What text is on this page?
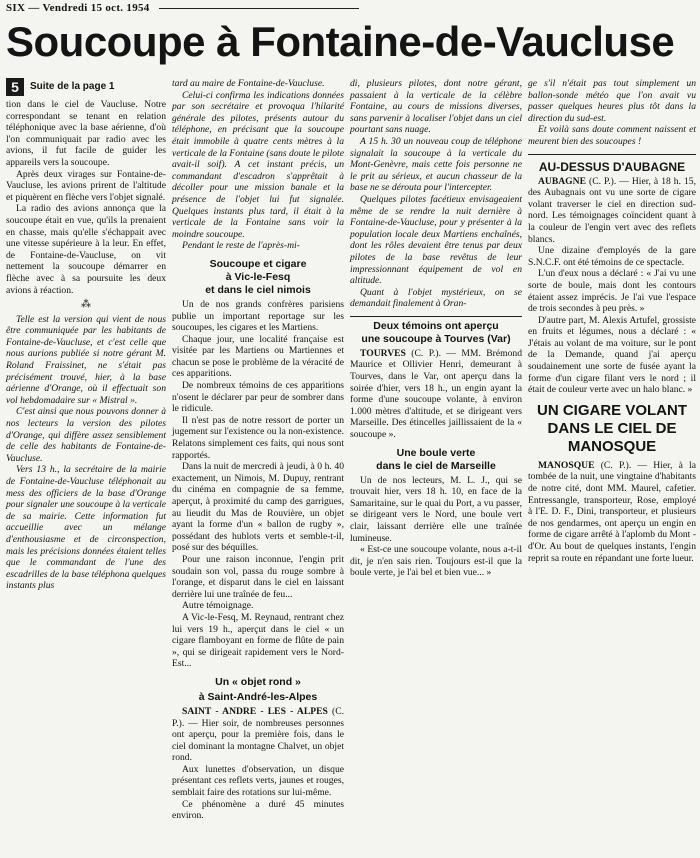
SIX — Vendredi 15 oct. 1954
Soucoupe à Fontaine-de-Vaucluse
5 Suite de la page 1

tion dans le ciel de Vaucluse. Notre correspondant se tenant en relation téléphonique avec la base aérienne, d'où l'on communiquait par radio avec les avions, il fut facile de guider les appareils vers la soucoupe.

Après deux virages sur Fontaine-de-Vaucluse, les avions prirent de l'altitude et piquèrent en flèche vers l'objet signalé.

La radio des avions annonça que la soucoupe était en vue, qu'ils la prenaient en chasse, mais qu'elle s'échappait avec une vitesse supérieure à la leur. En effet, de Fontaine-de-Vaucluse, on vit nettement la soucoupe démarrer en flèche avec à sa poursuite les deux avions à réaction.

⁂

Telle est la version qui vient de nous être communiquée par les habitants de Fontaine-de-Vaucluse, et c'est celle que nous aurions publiée si notre gérant M. Roland Fraissinet, ne s'était pas précisément trouvé, hier, à la base aérienne d'Orange, où il effectuait son vol hebdomadaire sur « Mistral ».

C'est ainsi que nous pouvons donner à nos lecteurs la version des pilotes d'Orange, qui diffère assez sensiblement de celle des habitants de Fontaine-de-Vaucluse.

Vers 13 h., la secrétaire de la mairie de Fontaine-de-Vaucluse téléphonait au mess des officiers de la base d'Orange pour signaler une soucoupe à la verticale de sa mairie. Cette information fut accueillie avec un mélange d'enthousiasme et de circonspection, mais les précisions données étaient telles que le commandant de l'une des escadrilles de la base téléphona quelques instants plus

tard au maire de Fontaine-de-Vaucluse.

Celui-ci confirma les indications données par son secrétaire et provoqua l'hilarité générale des pilotes, présents autour du téléphone, en précisant que la soucoupe était immobile à quatre cents mètres à la verticale de la Fontaine (sans doute le pilote avait-il soif). A cet instant précis, un commandant d'escadron s'apprêtait à décoller pour une mission banale et la présence de l'objet lui fut signalée. Quelques instants plus tard, il était à la verticale de la Fontaine sans voir la moindre soucoupe.

Pendant le reste de l'après-mi-

Soucoupe et cigare
à Vic-le-Fesq
et dans le ciel nimois

Un de nos grands confrères parisiens publie un important reportage sur les soucoupes, les cigares et les Martiens.

Chaque jour, une localité française est visitée par les Martiens ou Martiennes et chacun se pose le problème de la véracité de ces apparitions.

De nombreux témoins de ces apparitions n'osent le déclarer par peur de sombrer dans le ridicule.

Il n'est pas de notre ressort de porter un jugement sur l'existence ou la non-existence. Relatons simplement ces faits, qui nous sont rapportés.

Dans la nuit de mercredi à jeudi, à 0 h. 40 exactement, un Nimois, M. Dupuy, rentrant du cinéma en compagnie de sa femme, aperçut, à proximité du camp des garrigues, au lieudit du Mas de Rouvière, un objet ayant la forme d'un « ballon de rugby », possédant des hublots verts et semble-t-il, posé sur des béquilles.

Pour une raison inconnue, l'engin prit soudain son vol, passa du rouge sombre à l'orange, et disparut dans le ciel en laissant derrière lui une traînée de feu...

Autre témoignage.

A Vic-le-Fesq, M. Reynaud, rentrant chez lui vers 19 h., aperçut dans le ciel « un cigare flamboyant en forme de flûte de pain », qui se dirigeait rapidement vers le Nord-Est...

Un « objet rond »
à Saint-André-les-Alpes

SAINT - ANDRE - LES - ALPES (C. P.). — Hier soir, de nombreuses personnes ont aperçu, pour la première fois, dans le ciel dominant la montagne Chalvet, un objet rond.

Aux lunettes d'observation, un disque présentant ces reflets verts, jaunes et rouges, semblait faire des rotations sur lui-même.

Ce phénomène a duré 45 minutes environ.

di, plusieurs pilotes, dont notre gérant, passaient à la verticale de la célèbre Fontaine, au cours de missions diverses, sans parvenir à localiser l'objet dans un ciel pourtant sans nuage.

A 15 h. 30 un nouveau coup de téléphone signalait la soucoupe à la verticale du Mont-Genèvre, mais cette fois personne ne le prit au sérieux, et aucun chasseur de la base ne se dérouta pour l'intercepter.

Quelques pilotes facétieux envisageaient même de se rendre la nuit dernière à Fontaine-de-Vaucluse, pour y présenter à la population locale deux Martiens enchaînés, dont les rôles devaient être tenus par deux pilotes de la base revêtus de leur impressionnant équipement de vol en altitude.

Quant à l'objet mystérieux, on se demandait finalement à Oran-

Deux témoins ont aperçu
une soucoupe à Tourves (Var)

TOURVES (C. P.). — MM. Brémond Maurice et Ollivier Henri, demeurant à Tourves, dans le Var, ont aperçu dans la soirée d'hier, vers 18 h., un engin ayant la forme d'une soucoupe volante, à environ 1.000 mètres d'altitude, et se dirigeant vers Marseille. Des étincelles jaillissaient de la « soucoupe ».

Une boule verte
dans le ciel de Marseille

Un de nos lecteurs, M. L. J., qui se trouvait hier, vers 18 h. 10, en face de la Samaritaine, sur le quai du Port, a vu passer, se dirigeant vers le Nord, une boule vert clair, laissant derrière elle une traînée lumineuse.

« Est-ce une soucoupe volante, nous a-t-il dit, je n'en sais rien. Toujours est-il que la boule verte, je l'ai bel et bien vue... »

ge s'il n'était pas tout simplement un ballon-sonde météo que l'on avait vu passer quelques heures plus tôt dans la direction du sud-est.

Et voilà sans doute comment naissent et meurent bien des soucoupes !

AU-DESSUS D'AUBAGNE

AUBAGNE (C. P.). — Hier, à 18 h. 15, des Aubagnais ont vu une sorte de cigare volant traverser le ciel en direction sud-nord. Les témoignages coïncident quant à la couleur de l'engin vert avec des reflets blancs.

Une dizaine d'employés de la gare S.N.C.F. ont été témoins de ce spectacle.

L'un d'eux nous a déclaré : « J'ai vu une sorte de boule, mais dont les contours étaient assez imprécis. Je l'ai vue l'espace de trois secondes à peu près. »

D'autre part, M. Alexis Artufel, grossiste en fruits et légumes, nous a déclaré : « J'étais au volant de ma voiture, sur le pont de la Demande, quand j'ai aperçu soudainement une sorte de fusée ayant la forme d'un cigare filant vers le nord ; il était de couleur verte avec un halo blanc. »

UN CIGARE VOLANT DANS LE CIEL DE MANOSQUE

MANOSQUE (C. P.). — Hier, à la tombée de la nuit, une vingtaine d'habitants de notre cité, dont MM. Maurel, cafetier. Entressangle, transporteur, Rose, employé à l'E. D. F., Dini, transporteur, et plusieurs de nos gendarmes, ont aperçu un engin en forme de cigare arrêté à l'aplomb du Mont - d'Or. Au bout de quelques instants, l'engin reprit sa route en répandant une forte lueur.
